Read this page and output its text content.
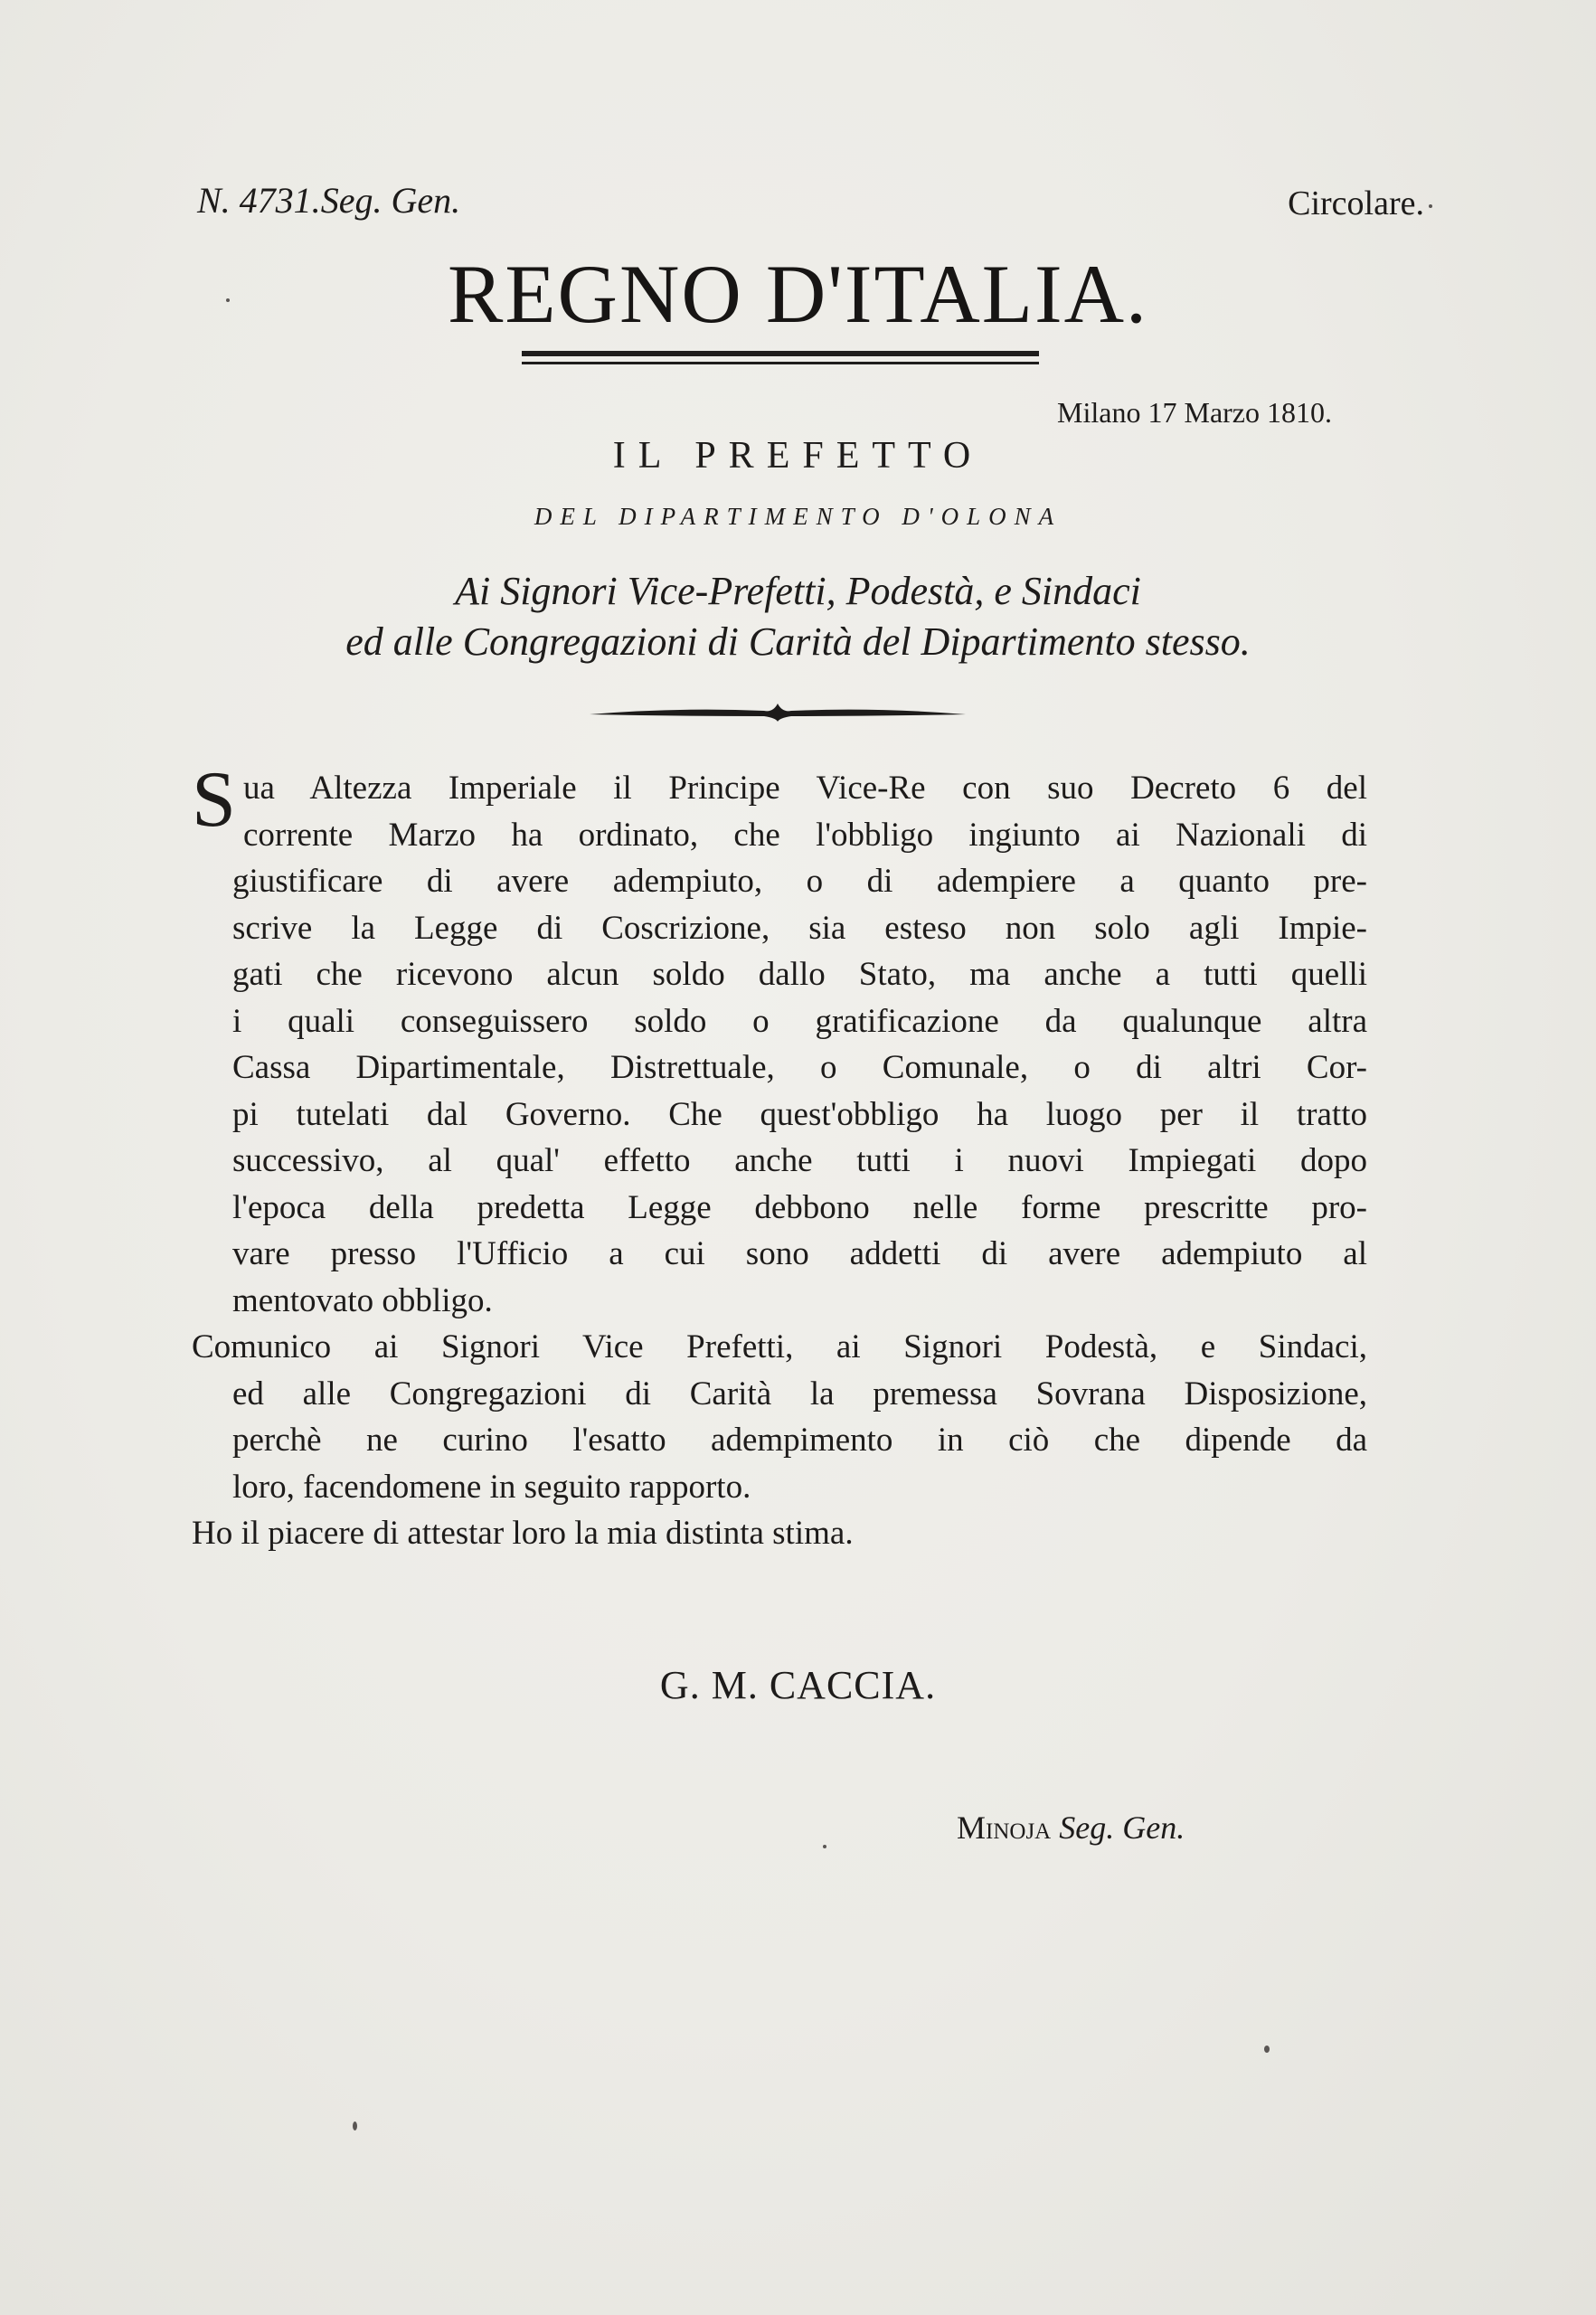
N. 4731.Seg. Gen.	Circolare.
REGNO D'ITALIA.
Milano 17 Marzo 1810.
IL PREFETTO
DEL DIPARTIMENTO D'OLONA
Ai Signori Vice-Prefetti, Podestà, e Sindaci
ed alle Congregazioni di Carità del Dipartimento stesso.
S ua Altezza Imperiale il Principe Vice-Re con suo Decreto 6 del
corrente Marzo ha ordinato, che l'obbligo ingiunto ai Nazionali di
giustificare di avere adempiuto, o di adempiere a quanto pre-
scrive la Legge di Coscrizione, sia esteso non solo agli Impie-
gati che ricevono alcun soldo dallo Stato, ma anche a tutti quelli
i quali conseguissero soldo o gratificazione da qualunque altra
Cassa Dipartimentale, Distrettuale, o Comunale, o di altri Cor-
pi tutelati dal Governo. Che quest'obbligo ha luogo per il tratto
successivo, al qual' effetto anche tutti i nuovi Impiegati dopo
l'epoca della predetta Legge debbono nelle forme prescritte pro-
vare presso l'Ufficio a cui sono addetti di avere adempiuto al
mentovato obbligo.
Comunico ai Signori Vice Prefetti, ai Signori Podestà, e Sindaci,
ed alle Congregazioni di Carità la premessa Sovrana Disposizione,
perchè ne curino l'esatto adempimento in ciò che dipende da
loro, facendomene in seguito rapporto.
Ho il piacere di attestar loro la mia distinta stima.
G. M. CACCIA.
Minoja Seg. Gen.
